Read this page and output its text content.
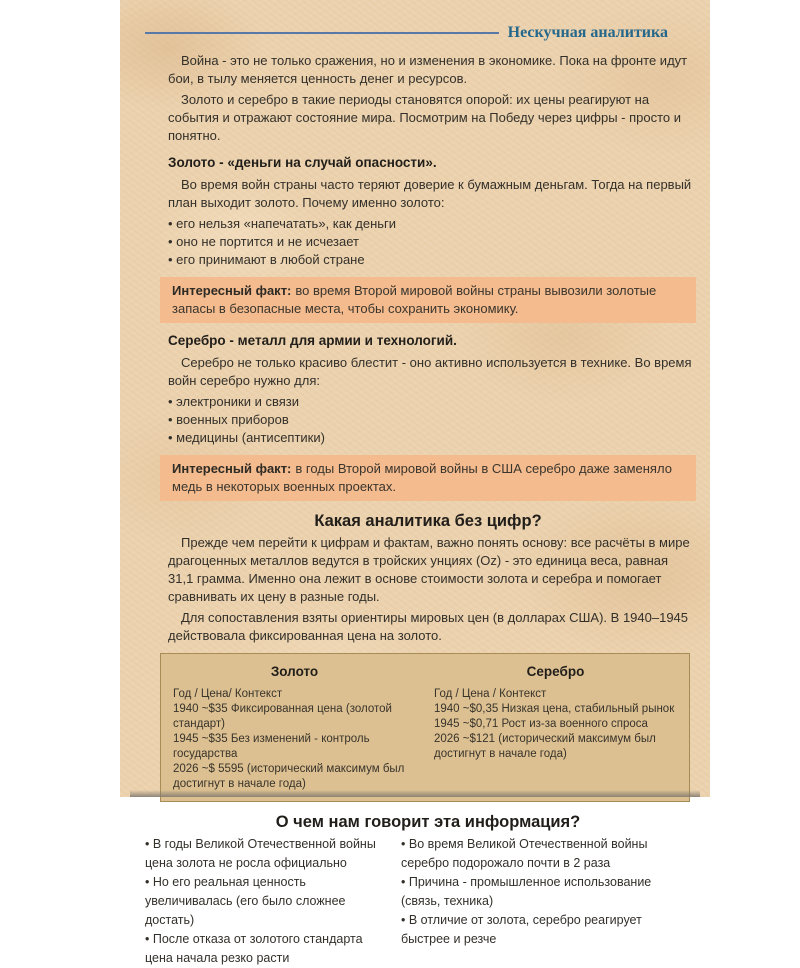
Нескучная аналитика

Война - это не только сражения, но и изменения в экономике. Пока на фронте идут бои, в тылу меняется ценность денег и ресурсов.

Золото и серебро в такие периоды становятся опорой: их цены реагируют на события и отражают состояние мира. Посмотрим на Победу через цифры - просто и понятно.

Золото - «деньги на случай опасности».

Во время войн страны часто теряют доверие к бумажным деньгам. Тогда на первый план выходит золото. Почему именно золото:

• его нельзя «напечатать», как деньги
• оно не портится и не исчезает
• его принимают в любой стране
Интересный факт: во время Второй мировой войны страны вывозили золотые запасы в безопасные места, чтобы сохранить экономику.
Серебро - металл для армии и технологий.

Серебро не только красиво блестит - оно активно используется в технике. Во время войн серебро нужно для:

• электроники и связи
• военных приборов
• медицины (антисептики)
Интересный факт: в годы Второй мировой войны в США серебро даже заменяло медь в некоторых военных проектах.
Какая аналитика без цифр?

Прежде чем перейти к цифрам и фактам, важно понять основу: все расчёты в мире драгоценных металлов ведутся в тройских унциях (Oz) - это единица веса, равная 31,1 грамма. Именно она лежит в основе стоимости золота и серебра и помогает сравнивать их цену в разные годы.

Для сопоставления взяты ориентиры мировых цен (в долларах США). В 1940–1945 действовала фиксированная цена на золото.

Золото
Год / Цена/ Контекст
1940 ~$35 Фиксированная цена (золотой стандарт)
1945 ~$35 Без изменений - контроль государства
2026 ~$ 5595 (исторический максимум был достигнут в начале года)
Серебро
Год / Цена / Контекст
1940 ~$0,35 Низкая цена, стабильный рынок
1945 ~$0,71 Рост из-за военного спроса
2026 ~$121 (исторический максимум был достигнут в начале года)
О чем нам говорит эта информация?
• В годы Великой Отечественной войны цена золота не росла официально
• Но его реальная ценность увеличивалась (его было сложнее достать)
• После отказа от золотого стандарта цена начала резко расти
• Во время Великой Отечественной войны серебро подорожало почти в 2 раза
• Причина - промышленное использование (связь, техника)
• В отличие от золота, серебро реагирует быстрее и резче
